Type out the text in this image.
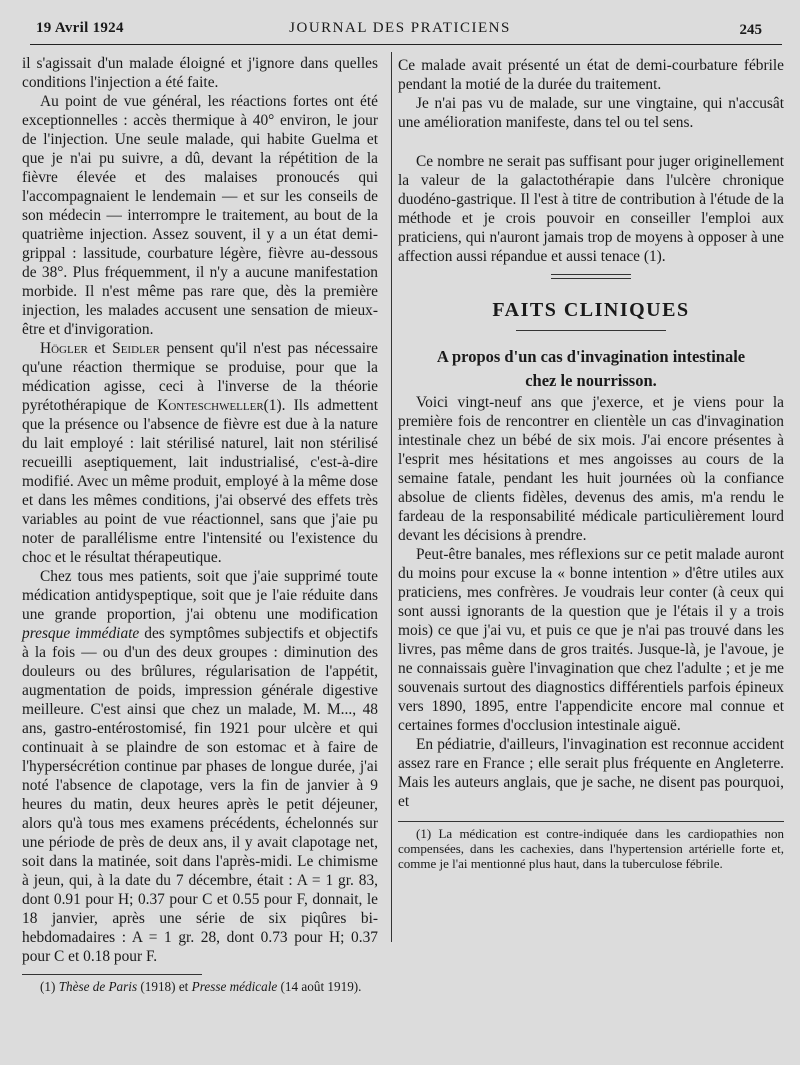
19 Avril 1924	JOURNAL DES PRATICIENS	245

il s'agissait d'un malade éloigné et j'ignore dans quelles conditions l'injection a été faite.

Au point de vue général, les réactions fortes ont été exceptionnelles : accès thermique à 40° environ, le jour de l'injection. Une seule malade, qui habite Guelma et que je n'ai pu suivre, a dû, devant la répétition de la fièvre élevée et des malaises pronoucés qui l'accompagnaient le lendemain — et sur les conseils de son médecin — interrompre le traitement, au bout de la quatrième injection. Assez souvent, il y a un état demi-grippal : lassitude, courbature légère, fièvre au-dessous de 38°. Plus fréquemment, il n'y a aucune manifestation morbide. Il n'est même pas rare que, dès la première injection, les malades accusent une sensation de mieux-être et d'invigoration.

Högler et Seidler pensent qu'il n'est pas nécessaire qu'une réaction thermique se produise, pour que la médication agisse, ceci à l'inverse de la théorie pyrétothérapique de Konteschweller(1). Ils admettent que la présence ou l'absence de fièvre est due à la nature du lait employé : lait stérilisé naturel, lait non stérilisé recueilli aseptiquement, lait industrialisé, c'est-à-dire modifié. Avec un même produit, employé à la même dose et dans les mêmes conditions, j'ai observé des effets très variables au point de vue réactionnel, sans que j'aie pu noter de parallélisme entre l'intensité ou l'existence du choc et le résultat thérapeutique.

Chez tous mes patients, soit que j'aie supprimé toute médication antidyspeptique, soit que je l'aie réduite dans une grande proportion, j'ai obtenu une modification presque immédiate des symptômes subjectifs et objectifs à la fois — ou d'un des deux groupes : diminution des douleurs ou des brûlures, régularisation de l'appétit, augmentation de poids, impression générale digestive meilleure. C'est ainsi que chez un malade, M. M..., 48 ans, gastro-entérostomisé, fin 1921 pour ulcère et qui continuait à se plaindre de son estomac et à faire de l'hypersécrétion continue par phases de longue durée, j'ai noté l'absence de clapotage, vers la fin de janvier à 9 heures du matin, deux heures après le petit déjeuner, alors qu'à tous mes examens précédents, échelonnés sur une période de près de deux ans, il y avait clapotage net, soit dans la matinée, soit dans l'après-midi. Le chimisme à jeun, qui, à la date du 7 décembre, était : A = 1 gr. 83, dont 0.91 pour H; 0.37 pour C et 0.55 pour F, donnait, le 18 janvier, après une série de six piqûres bi-hebdomadaires : A = 1 gr. 28, dont 0.73 pour H; 0.37 pour C et 0.18 pour F.

(1) Thèse de Paris (1918) et Presse médicale (14 août 1919).

Ce malade avait présenté un état de demi-courbature fébrile pendant la motié de la durée du traitement.

Je n'ai pas vu de malade, sur une vingtaine, qui n'accusât une amélioration manifeste, dans tel ou tel sens.

Ce nombre ne serait pas suffisant pour juger originellement la valeur de la galactothérapie dans l'ulcère chronique duodéno-gastrique. Il l'est à titre de contribution à l'étude de la méthode et je crois pouvoir en conseiller l'emploi aux praticiens, qui n'auront jamais trop de moyens à opposer à une affection aussi répandue et aussi tenace (1).

FAITS CLINIQUES

A propos d'un cas d'invagination intestinale
chez le nourrisson.

Voici vingt-neuf ans que j'exerce, et je viens pour la première fois de rencontrer en clientèle un cas d'invagination intestinale chez un bébé de six mois. J'ai encore présentes à l'esprit mes hésitations et mes angoisses au cours de la semaine fatale, pendant les huit journées où la confiance absolue de clients fidèles, devenus des amis, m'a rendu le fardeau de la responsabilité médicale particulièrement lourd devant les décisions à prendre.

Peut-être banales, mes réflexions sur ce petit malade auront du moins pour excuse la « bonne intention » d'être utiles aux praticiens, mes confrères. Je voudrais leur conter (à ceux qui sont aussi ignorants de la question que je l'étais il y a trois mois) ce que j'ai vu, et puis ce que je n'ai pas trouvé dans les livres, pas même dans de gros traités. Jusque-là, je l'avoue, je ne connaissais guère l'invagination que chez l'adulte ; et je me souvenais surtout des diagnostics différentiels parfois épineux vers 1890, 1895, entre l'appendicite encore mal connue et certaines formes d'occlusion intestinale aiguë.

En pédiatrie, d'ailleurs, l'invagination est reconnue accident assez rare en France ; elle serait plus fréquente en Angleterre. Mais les auteurs anglais, que je sache, ne disent pas pourquoi, et

(1) La médication est contre-indiquée dans les cardiopathies non compensées, dans les cachexies, dans l'hypertension artérielle forte et, comme je l'ai mentionné plus haut, dans la tuberculose fébrile.
